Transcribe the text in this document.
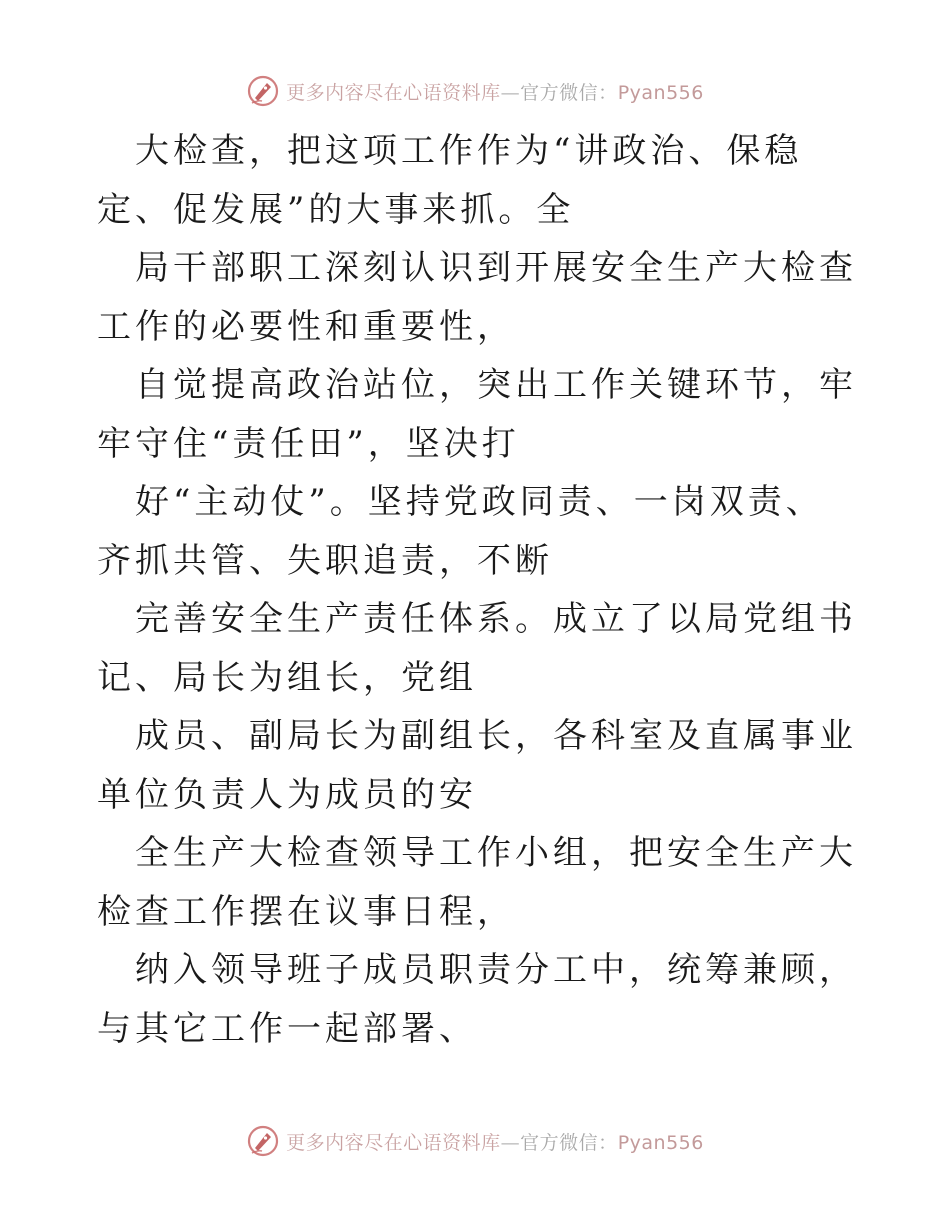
更多内容尽在心语资料库—官方微信：Pyan556

大检查，把这项工作作为“讲政治、保稳定、促发展”的大事来抓。全

局干部职工深刻认识到开展安全生产大检查工作的必要性和重要性，

自觉提高政治站位，突出工作关键环节，牢牢守住“责任田”，坚决打

好“主动仗”。坚持党政同责、一岗双责、齐抓共管、失职追责，不断

完善安全生产责任体系。成立了以局党组书记、局长为组长，党组

成员、副局长为副组长，各科室及直属事业单位负责人为成员的安

全生产大检查领导工作小组，把安全生产大检查工作摆在议事日程，

纳入领导班子成员职责分工中，统筹兼顾，与其它工作一起部署、

更多内容尽在心语资料库—官方微信：Pyan556
